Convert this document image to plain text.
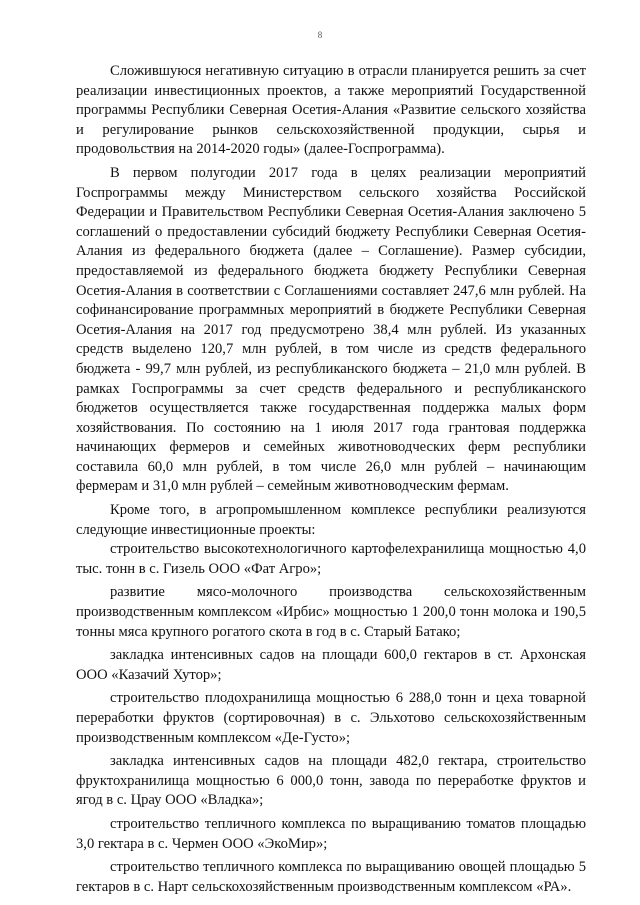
8

Сложившуюся негативную ситуацию в отрасли планируется решить за счет реализации инвестиционных проектов, а также мероприятий Государственной программы Республики Северная Осетия-Алания «Развитие сельского хозяйства и регулирование рынков сельскохозяйственной продукции, сырья и продовольствия на 2014-2020 годы» (далее-Госпрограмма).

В первом полугодии 2017 года в целях реализации мероприятий Госпрограммы между Министерством сельского хозяйства Российской Федерации и Правительством Республики Северная Осетия-Алания заключено 5 соглашений о предоставлении субсидий бюджету Республики Северная Осетия-Алания из федерального бюджета (далее – Соглашение). Размер субсидии, предоставляемой из федерального бюджета бюджету Республики Северная Осетия-Алания в соответствии с Соглашениями составляет 247,6 млн рублей. На софинансирование программных мероприятий в бюджете Республики Северная Осетия-Алания на 2017 год предусмотрено 38,4 млн рублей. Из указанных средств выделено 120,7 млн рублей, в том числе из средств федерального бюджета - 99,7 млн рублей, из республиканского бюджета – 21,0 млн рублей. В рамках Госпрограммы за счет средств федерального и республиканского бюджетов осуществляется также государственная поддержка малых форм хозяйствования. По состоянию на 1 июля 2017 года грантовая поддержка начинающих фермеров и семейных животноводческих ферм республики составила 60,0 млн рублей, в том числе 26,0 млн рублей – начинающим фермерам и 31,0 млн рублей – семейным животноводческим фермам.

Кроме того, в агропромышленном комплексе республики реализуются следующие инвестиционные проекты:

строительство высокотехнологичного картофелехранилища мощностью 4,0 тыс. тонн в с. Гизель ООО «Фат Агро»;

развитие мясо-молочного производства сельскохозяйственным производственным комплексом «Ирбис» мощностью 1 200,0 тонн молока и 190,5 тонны мяса крупного рогатого скота в год в с. Старый Батако;

закладка интенсивных садов на площади 600,0 гектаров в ст. Архонская ООО «Казачий Хутор»;

строительство плодохранилища мощностью 6 288,0 тонн и цеха товарной переработки фруктов (сортировочная) в с. Эльхотово сельскохозяйственным производственным комплексом «Де-Густо»;

закладка интенсивных садов на площади 482,0 гектара, строительство фруктохранилища мощностью 6 000,0 тонн, завода по переработке фруктов и ягод в с. Црау ООО «Владка»;

строительство тепличного комплекса по выращиванию томатов площадью 3,0 гектара в с. Чермен ООО «ЭкоМир»;

строительство тепличного комплекса по выращиванию овощей площадью 5 гектаров в с. Нарт сельскохозяйственным производственным комплексом «РА».
